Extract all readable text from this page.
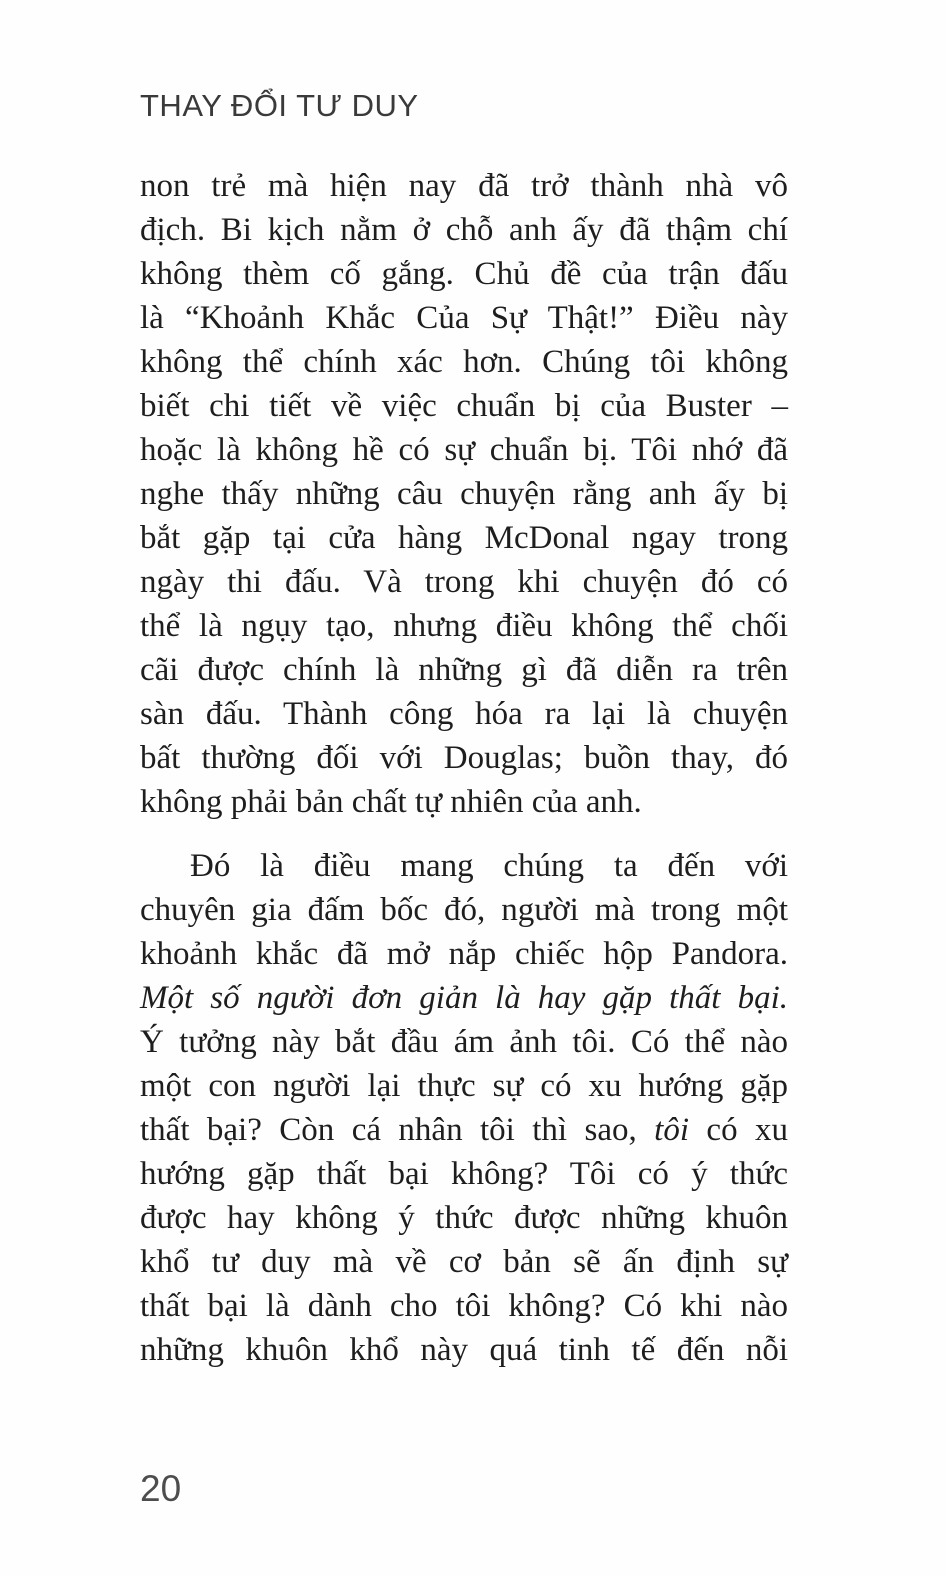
THAY ĐỔI TƯ DUY
non trẻ mà hiện nay đã trở thành nhà vô
địch. Bi kịch nằm ở chỗ anh ấy đã thậm chí
không thèm cố gắng. Chủ đề của trận đấu
là “Khoảnh Khắc Của Sự Thật!” Điều này
không thể chính xác hơn. Chúng tôi không
biết chi tiết về việc chuẩn bị của Buster –
hoặc là không hề có sự chuẩn bị. Tôi nhớ đã
nghe thấy những câu chuyện rằng anh ấy bị
bắt gặp tại cửa hàng McDonal ngay trong
ngày thi đấu. Và trong khi chuyện đó có
thể là ngụy tạo, nhưng điều không thể chối
cãi được chính là những gì đã diễn ra trên
sàn đấu. Thành công hóa ra lại là chuyện
bất thường đối với Douglas; buồn thay, đó
không phải bản chất tự nhiên của anh.
Đó là điều mang chúng ta đến với
chuyên gia đấm bốc đó, người mà trong một
khoảnh khắc đã mở nắp chiếc hộp Pandora.
Một số người đơn giản là hay gặp thất bại.
Ý tưởng này bắt đầu ám ảnh tôi. Có thể nào
một con người lại thực sự có xu hướng gặp
thất bại? Còn cá nhân tôi thì sao, tôi có xu
hướng gặp thất bại không? Tôi có ý thức
được hay không ý thức được những khuôn
khổ tư duy mà về cơ bản sẽ ấn định sự
thất bại là dành cho tôi không? Có khi nào
những khuôn khổ này quá tinh tế đến nỗi
20
